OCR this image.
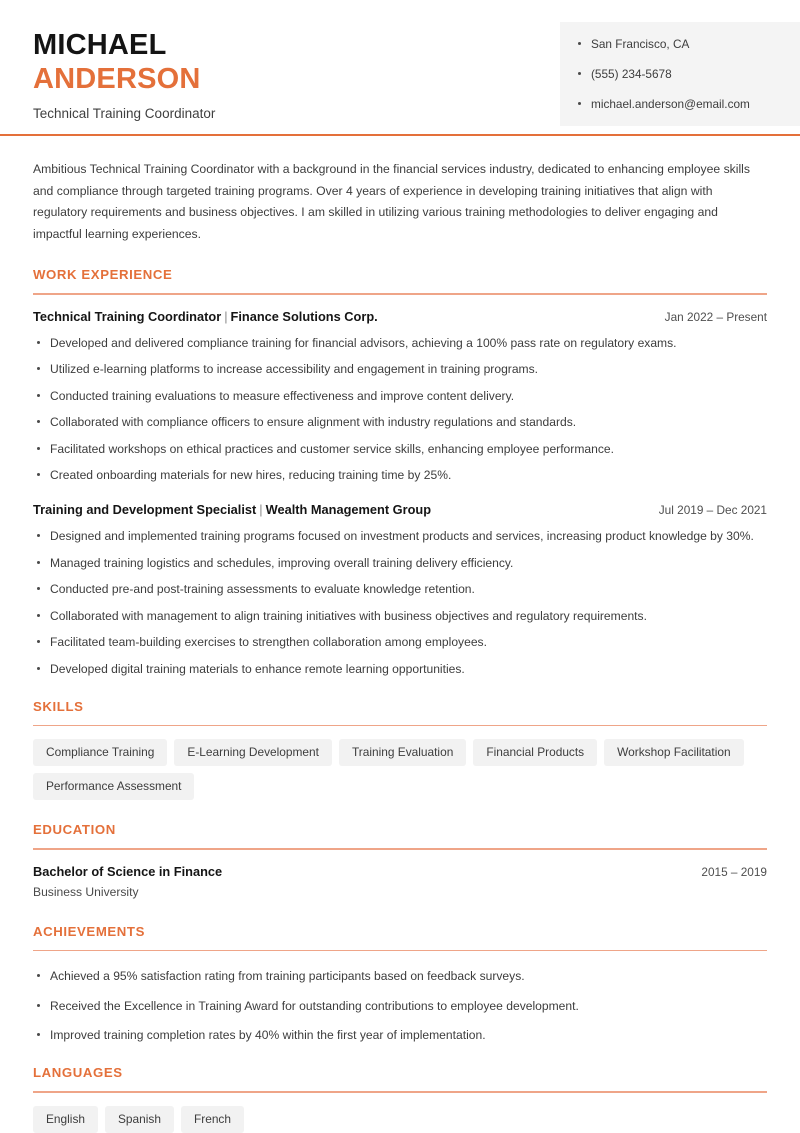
MICHAEL
ANDERSON
Technical Training Coordinator
San Francisco, CA
(555) 234-5678
michael.anderson@email.com

Ambitious Technical Training Coordinator with a background in the financial services industry, dedicated to enhancing employee skills and compliance through targeted training programs. Over 4 years of experience in developing training initiatives that align with regulatory requirements and business objectives. I am skilled in utilizing various training methodologies to deliver engaging and impactful learning experiences.

WORK EXPERIENCE
Technical Training Coordinator | Finance Solutions Corp.	Jan 2022 – Present
Developed and delivered compliance training for financial advisors, achieving a 100% pass rate on regulatory exams.
Utilized e-learning platforms to increase accessibility and engagement in training programs.
Conducted training evaluations to measure effectiveness and improve content delivery.
Collaborated with compliance officers to ensure alignment with industry regulations and standards.
Facilitated workshops on ethical practices and customer service skills, enhancing employee performance.
Created onboarding materials for new hires, reducing training time by 25%.
Training and Development Specialist | Wealth Management Group	Jul 2019 – Dec 2021
Designed and implemented training programs focused on investment products and services, increasing product knowledge by 30%.
Managed training logistics and schedules, improving overall training delivery efficiency.
Conducted pre-and post-training assessments to evaluate knowledge retention.
Collaborated with management to align training initiatives with business objectives and regulatory requirements.
Facilitated team-building exercises to strengthen collaboration among employees.
Developed digital training materials to enhance remote learning opportunities.
SKILLS
Compliance Training	E-Learning Development	Training Evaluation	Financial Products	Workshop Facilitation
Performance Assessment
EDUCATION
Bachelor of Science in Finance	2015 – 2019
Business University
ACHIEVEMENTS
Achieved a 95% satisfaction rating from training participants based on feedback surveys.
Received the Excellence in Training Award for outstanding contributions to employee development.
Improved training completion rates by 40% within the first year of implementation.
LANGUAGES
English	Spanish	French
